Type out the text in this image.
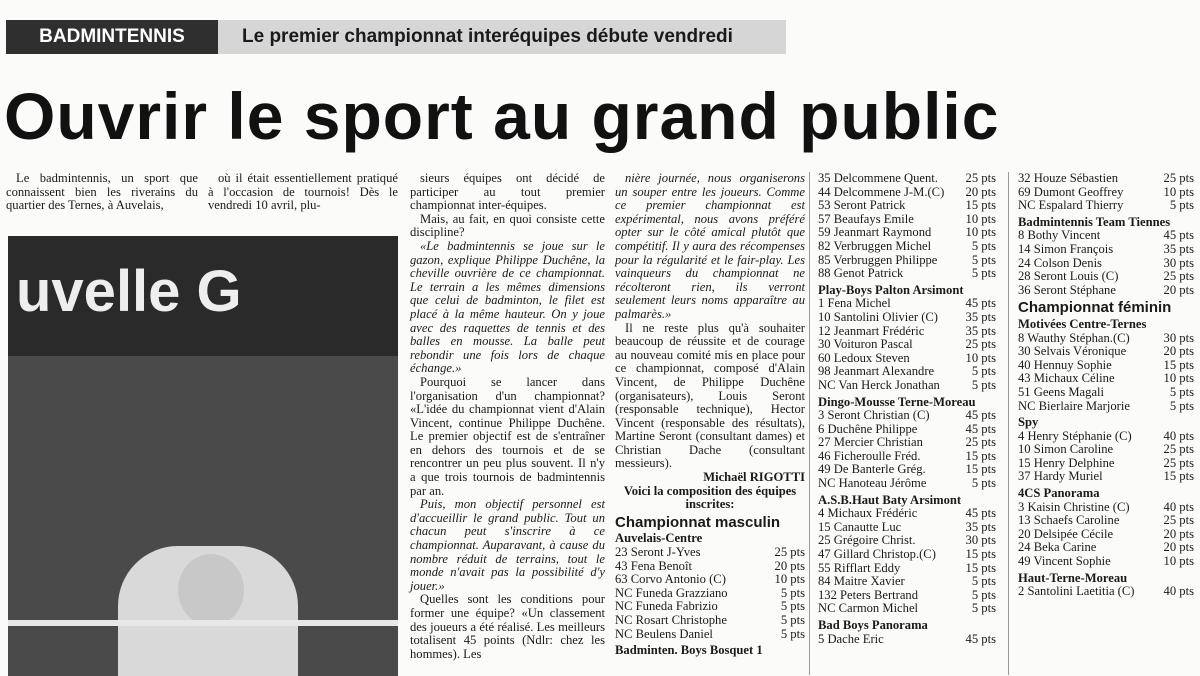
BADMINTENNIS	Le premier championnat interéquipes débute vendredi
Ouvrir le sport au grand public

Le badmintennis, un sport que connaissent bien les riverains du quartier des Ternes, à Auvelais,

où il était essentiellement pratiqué à l'occasion de tournois! Dès le vendredi 10 avril, plu-

uvelle G

sieurs équipes ont décidé de participer au tout premier championnat inter-équipes.

Mais, au fait, en quoi consiste cette discipline?

«Le badmintennis se joue sur le gazon, explique Philippe Duchêne, la cheville ouvrière de ce championnat. Le terrain a les mêmes dimensions que celui de badminton, le filet est placé à la même hauteur. On y joue avec des raquettes de tennis et des balles en mousse. La balle peut rebondir une fois lors de chaque échange.»

Pourquoi se lancer dans l'organisation d'un championnat? «L'idée du championnat vient d'Alain Vincent, continue Philippe Duchêne. Le premier objectif est de s'entraîner en dehors des tournois et de se rencontrer un peu plus souvent. Il n'y a que trois tournois de badmintennis par an.

Puis, mon objectif personnel est d'accueillir le grand public. Tout un chacun peut s'inscrire à ce championnat. Auparavant, à cause du nombre réduit de terrains, tout le monde n'avait pas la possibilité d'y jouer.»

Quelles sont les conditions pour former une équipe? «Un classement des joueurs a été réalisé. Les meilleurs totalisent 45 points (Ndlr: chez les hommes). Les

nière journée, nous organiserons un souper entre les joueurs. Comme ce premier championnat est expérimental, nous avons préféré opter sur le côté amical plutôt que compétitif. Il y aura des récompenses pour la régularité et le fair-play. Les vainqueurs du championnat ne récolteront rien, ils verront seulement leurs noms apparaître au palmarès.»

Il ne reste plus qu'à souhaiter beaucoup de réussite et de courage au nouveau comité mis en place pour ce championnat, composé d'Alain Vincent, de Philippe Duchêne (organisateurs), Louis Seront (responsable technique), Hector Vincent (responsable des résultats), Martine Seront (consultant dames) et Christian Dache (consultant messieurs).

Michaël RIGOTTI

Voici la composition des équipes inscrites:

Championnat masculin
Auvelais-Centre
23 Seront J-Yves	25 pts
43 Fena Benoît	20 pts
63 Corvo Antonio (C)	10 pts
NC Funeda Grazziano	5 pts
NC Funeda Fabrizio	5 pts
NC Rosart Christophe	5 pts
NC Beulens Daniel	5 pts
Badminten. Boys Bosquet 1
35 Delcommene Quent. 25 pts
44 Delcommene J-M.(C) 20 pts
53 Seront Patrick	15 pts
57 Beaufays Emile	10 pts
59 Jeanmart Raymond	10 pts
82 Verbruggen Michel	5 pts
85 Verbruggen Philippe	5 pts
88 Genot Patrick	5 pts
Play-Boys Palton Arsimont
1 Fena Michel	45 pts
10 Santolini Olivier (C) 35 pts
12 Jeanmart Frédéric	35 pts
30 Voituron Pascal	25 pts
60 Ledoux Steven	10 pts
98 Jeanmart Alexandre	5 pts
NC Van Herck Jonathan	5 pts
Dingo-Mousse Terne-Moreau
3 Seront Christian (C)	45 pts
6 Duchêne Philippe	45 pts
27 Mercier Christian	25 pts
46 Ficheroulle Fréd.	15 pts
49 De Banterle Grég.	15 pts
NC Hanoteau Jérôme	5 pts
A.S.B.Haut Baty Arsimont
4 Michaux Frédéric	45 pts
15 Canautte Luc	35 pts
25 Grégoire Christ.	30 pts
47 Gillard Christop.(C) 15 pts
55 Rifflart Eddy	15 pts
84 Maitre Xavier	5 pts
132 Peters Bertrand	5 pts
NC Carmon Michel	5 pts
Bad Boys Panorama
5 Dache Eric	45 pts
32 Houze Sébastien	25 pts
69 Dumont Geoffrey	10 pts
NC Espalard Thierry	5 pts
Badmintennis Team Tiennes
8 Bothy Vincent	45 pts
14 Simon François	35 pts
24 Colson Denis	30 pts
28 Seront Louis (C)	25 pts
36 Seront Stéphane	20 pts
Championnat féminin
Motivées Centre-Ternes
8 Wauthy Stéphan.(C)	30 pts
30 Selvais Véronique	20 pts
40 Hennuy Sophie	15 pts
43 Michaux Céline	10 pts
51 Geens Magali	5 pts
NC Bierlaire Marjorie	5 pts
Spy
4 Henry Stéphanie (C)	40 pts
10 Simon Caroline	25 pts
15 Henry Delphine	25 pts
37 Hardy Muriel	15 pts
4CS Panorama
3 Kaisin Christine (C)	40 pts
13 Schaefs Caroline	25 pts
20 Delsipée Cécile	20 pts
24 Beka Carine	20 pts
49 Vincent Sophie	10 pts
Haut-Terne-Moreau
2 Santolini Laetitia (C) 40 pts
